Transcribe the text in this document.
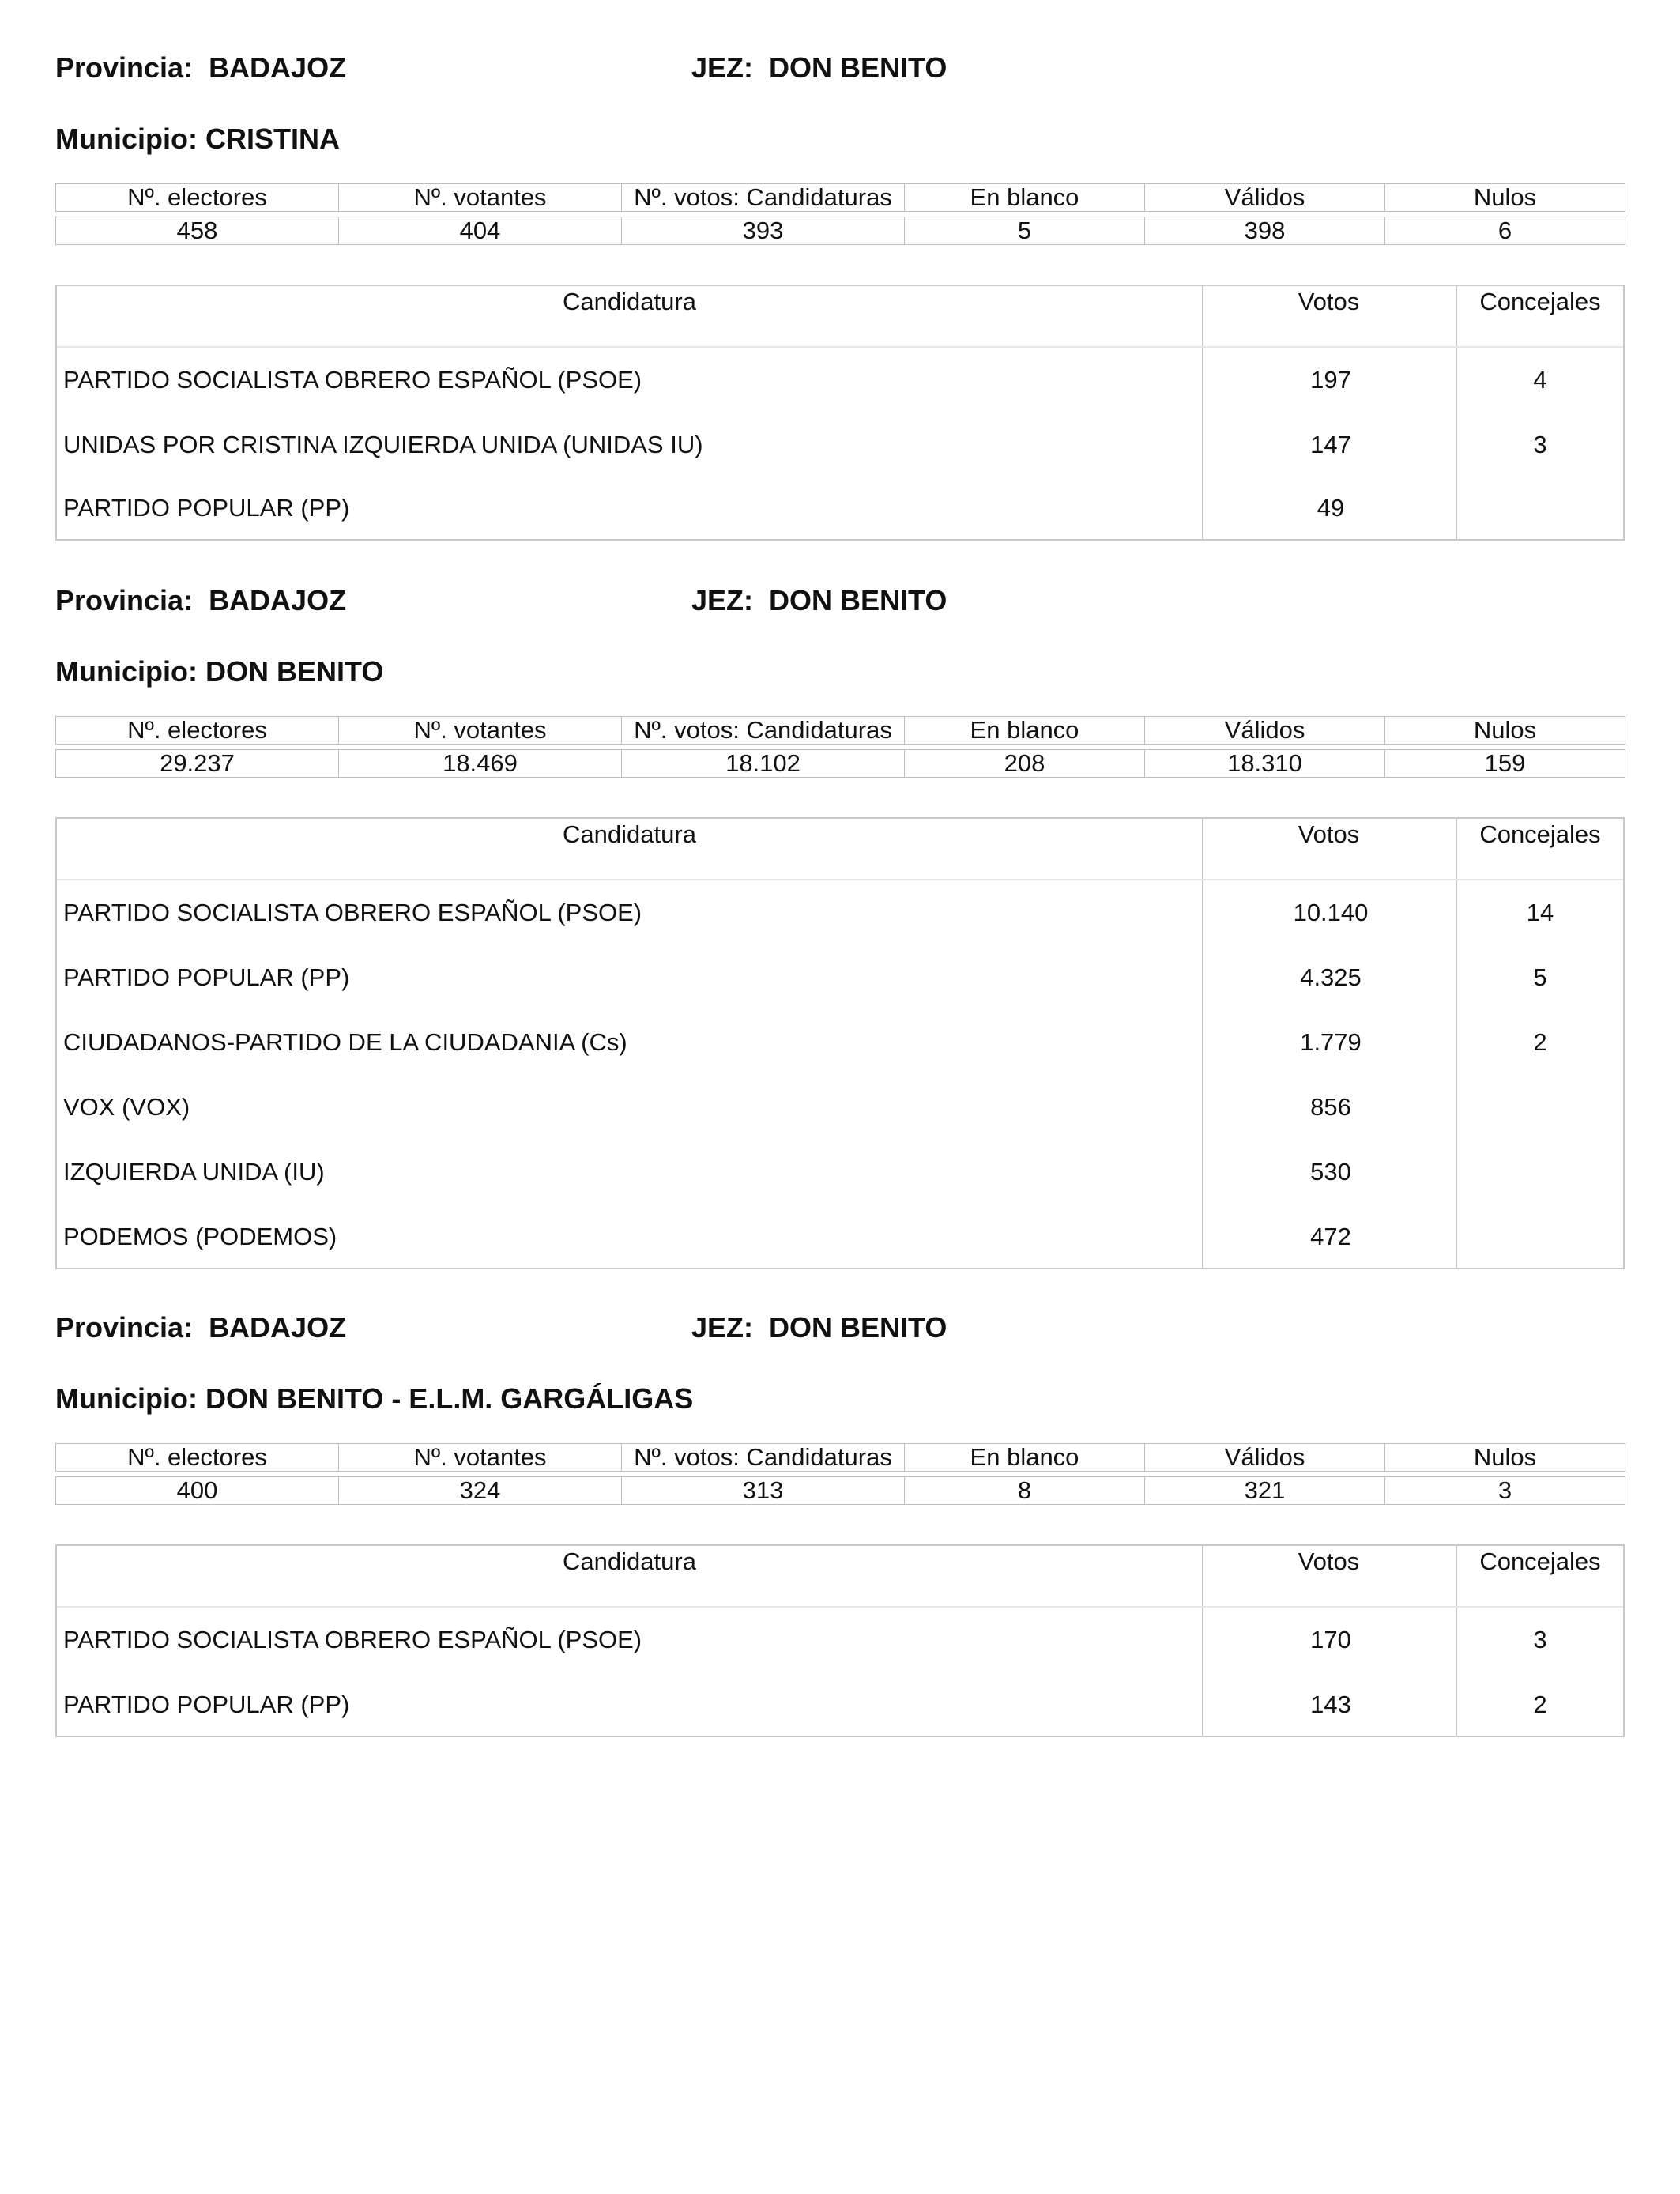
Provincia:  BADAJOZ	JEZ:  DON BENITO
Municipio: CRISTINA
Nº. electores	Nº. votantes	Nº. votos: Candidaturas	En blanco	Válidos	Nulos

458	404	393	5	398	6
Candidatura	Votos	Concejales
PARTIDO SOCIALISTA OBRERO ESPAÑOL (PSOE)	197	4
UNIDAS POR CRISTINA IZQUIERDA UNIDA (UNIDAS IU)	147	3
PARTIDO POPULAR (PP)	49
Provincia:  BADAJOZ	JEZ:  DON BENITO
Municipio: DON BENITO
Nº. electores	Nº. votantes	Nº. votos: Candidaturas	En blanco	Válidos	Nulos

29.237	18.469	18.102	208	18.310	159
Candidatura	Votos	Concejales
PARTIDO SOCIALISTA OBRERO ESPAÑOL (PSOE)	10.140	14
PARTIDO POPULAR (PP)	4.325	5
CIUDADANOS-PARTIDO DE LA CIUDADANIA (Cs)	1.779	2
VOX (VOX)	856
IZQUIERDA UNIDA (IU)	530
PODEMOS (PODEMOS)	472
Provincia:  BADAJOZ	JEZ:  DON BENITO
Municipio: DON BENITO - E.L.M. GARGÁLIGAS
Nº. electores	Nº. votantes	Nº. votos: Candidaturas	En blanco	Válidos	Nulos

400	324	313	8	321	3
Candidatura	Votos	Concejales
PARTIDO SOCIALISTA OBRERO ESPAÑOL (PSOE)	170	3
PARTIDO POPULAR (PP)	143	2
